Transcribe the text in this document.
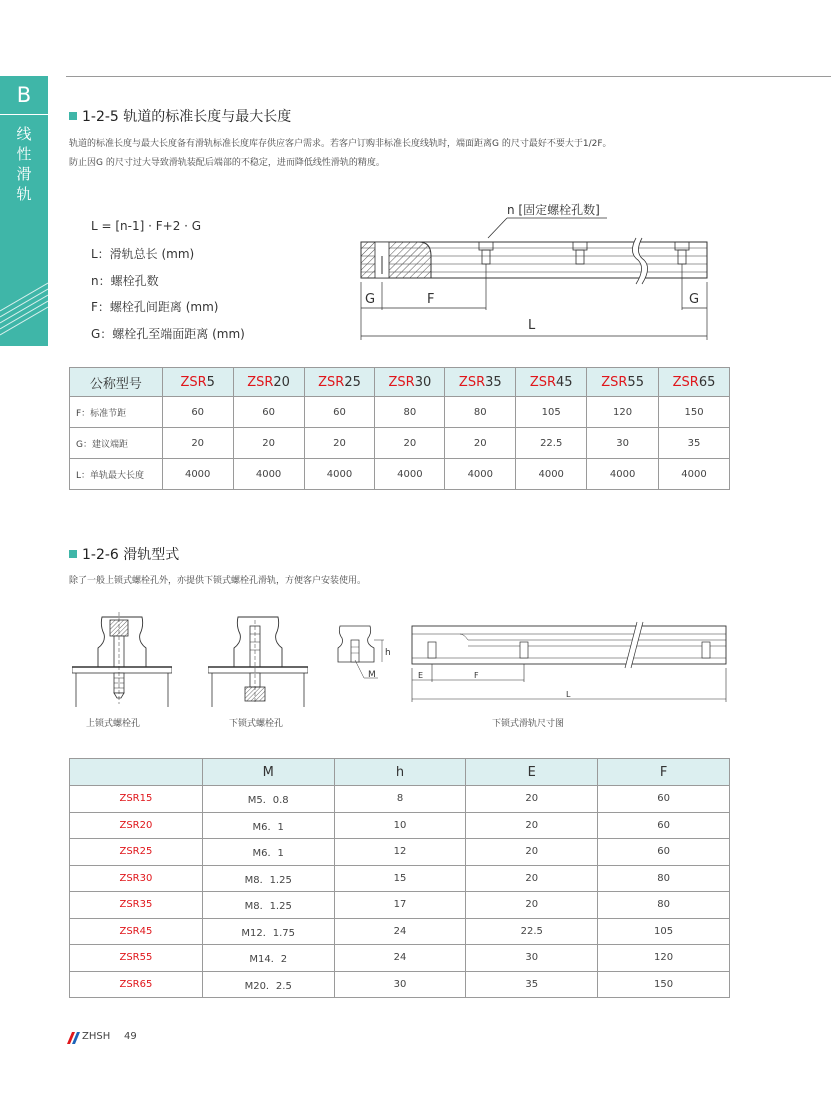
B
线
性
滑
轨
1-2-5 轨道的标准长度与最大长度
轨道的标准长度与最大长度备有滑轨标准长度库存供应客户需求。若客户订购非标准长度线轨时，端面距离G 的尺寸最好不要大于1/2F。
防止因G 的尺寸过大导致滑轨装配后端部的不稳定，进而降低线性滑轨的精度。
L = [n-1] · F+2 · G
L：滑轨总长 (mm)
n：螺栓孔数
F：螺栓孔间距离 (mm)
G：螺栓孔至端面距离 (mm)
n [固定螺栓孔数]
G	F	G
L
公称型号	ZSR5	ZSR20	ZSR25	ZSR30	ZSR35	ZSR45	ZSR55	ZSR65
F：标准节距	60	60	60	80	80	105	120	150
G：建议端距	20	20	20	20	20	22.5	30	35
L：单轨最大长度	4000	4000	4000	4000	4000	4000	4000	4000
1-2-6 滑轨型式
除了一般上锁式螺栓孔外，亦提供下锁式螺栓孔滑轨，方便客户安装使用。
上锁式螺栓孔	下锁式螺栓孔
h
M	E	F
L
下锁式滑轨尺寸图
	M	h	E	F
ZSR15	M5．0.8	8	20	60
ZSR20	M6．1	10	20	60
ZSR25	M6．1	12	20	60
ZSR30	M8．1.25	15	20	80
ZSR35	M8．1.25	17	20	80
ZSR45	M12．1.75	24	22.5	105
ZSR55	M14．2	24	30	120
ZSR65	M20．2.5	30	35	150
ZHSH 49
